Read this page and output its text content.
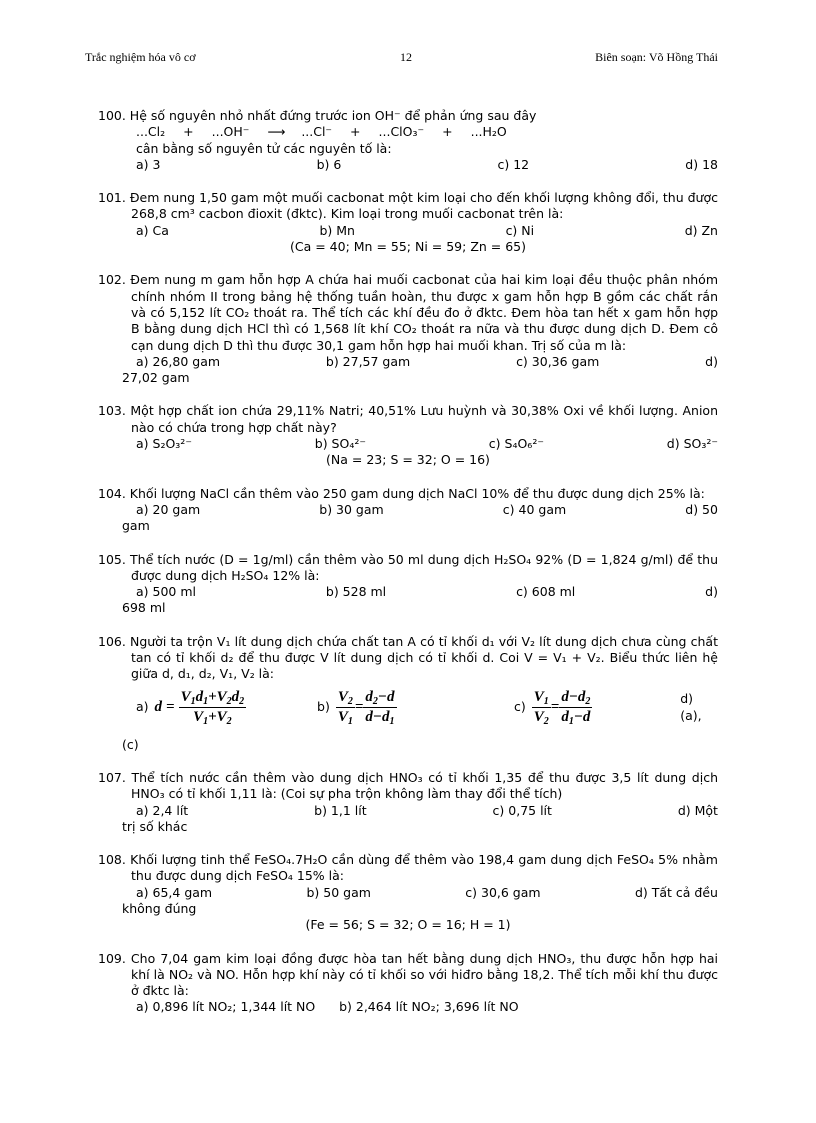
Trắc nghiệm hóa vô cơ	12	Biên soạn: Võ Hồng Thái
100. Hệ số nguyên nhỏ nhất đứng trước ion OH⁻ để phản ứng sau đây
...Cl₂ + ...OH⁻ ⟶ ...Cl⁻ + ...ClO₃⁻ + ...H₂O
cân bằng số nguyên tử các nguyên tố là:
a) 3	b) 6	c) 12	d) 18
101. Đem nung 1,50 gam một muối cacbonat một kim loại cho đến khối lượng không đổi, thu được 268,8 cm³ cacbon đioxit (đktc). Kim loại trong muối cacbonat trên là:
a) Ca	b) Mn	c) Ni	d) Zn
(Ca = 40; Mn = 55; Ni = 59; Zn = 65)
102. Đem nung m gam hỗn hợp A chứa hai muối cacbonat của hai kim loại đều thuộc phân nhóm chính nhóm II trong bảng hệ thống tuần hoàn, thu được x gam hỗn hợp B gồm các chất rắn và có 5,152 lít CO₂ thoát ra. Thể tích các khí đều đo ở đktc. Đem hòa tan hết x gam hỗn hợp B bằng dung dịch HCl thì có 1,568 lít khí CO₂ thoát ra nữa và thu được dung dịch D. Đem cô cạn dung dịch D thì thu được 30,1 gam hỗn hợp hai muối khan. Trị số của m là:
a) 26,80 gam	b) 27,57 gam	c) 30,36 gam	d)
27,02 gam
103. Một hợp chất ion chứa 29,11% Natri; 40,51% Lưu huỳnh và 30,38% Oxi về khối lượng. Anion nào có chứa trong hợp chất này?
a) S₂O₃²⁻	b) SO₄²⁻	c) S₄O₆²⁻	d) SO₃²⁻
(Na = 23; S = 32; O = 16)
104. Khối lượng NaCl cần thêm vào 250 gam dung dịch NaCl 10% để thu được dung dịch 25% là:
a) 20 gam	b) 30 gam	c) 40 gam	d) 50
gam
105. Thể tích nước (D = 1g/ml) cần thêm vào 50 ml dung dịch H₂SO₄ 92% (D = 1,824 g/ml) để thu được dung dịch H₂SO₄ 12% là:
a) 500 ml	b) 528 ml	c) 608 ml	d)
698 ml
106. Người ta trộn V₁ lít dung dịch chứa chất tan A có tỉ khối d₁ với V₂ lít dung dịch chưa cùng chất tan có tỉ khối d₂ để thu được V lít dung dịch có tỉ khối d. Coi V = V₁ + V₂. Biểu thức liên hệ giữa d, d₁, d₂, V₁, V₂ là:
a) d
=
$\frac{V_1d_1+V_2d_2}{V_1+V_2}$	$b) \frac{V_2}{V_1} = \frac{d_2-d}{d-d_1}$	$c) \frac{V_1}{V_2} = \frac{d-d_2}{d_1-d}$	d) (a),
(c)
107. Thể tích nước cần thêm vào dung dịch HNO₃ có tỉ khối 1,35 để thu được 3,5 lít dung dịch HNO₃ có tỉ khối 1,11 là: (Coi sự pha trộn không làm thay đổi thể tích)
a) 2,4 lít	b) 1,1 lít	c) 0,75 lít	d) Một
trị số khác
108. Khối lượng tinh thể FeSO₄.7H₂O cần dùng để thêm vào 198,4 gam dung dịch FeSO₄ 5% nhằm thu được dung dịch FeSO₄ 15% là:
a) 65,4 gam	b) 50 gam	c) 30,6 gam	d) Tất cả đều
không đúng
(Fe = 56; S = 32; O = 16; H = 1)
109. Cho 7,04 gam kim loại đồng được hòa tan hết bằng dung dịch HNO₃, thu được hỗn hợp hai khí là NO₂ và NO. Hỗn hợp khí này có tỉ khối so với hiđro bằng 18,2. Thể tích mỗi khí thu được ở đktc là:
a) 0,896 lít NO₂; 1,344 lít NO b) 2,464 lít NO₂; 3,696 lít NO
